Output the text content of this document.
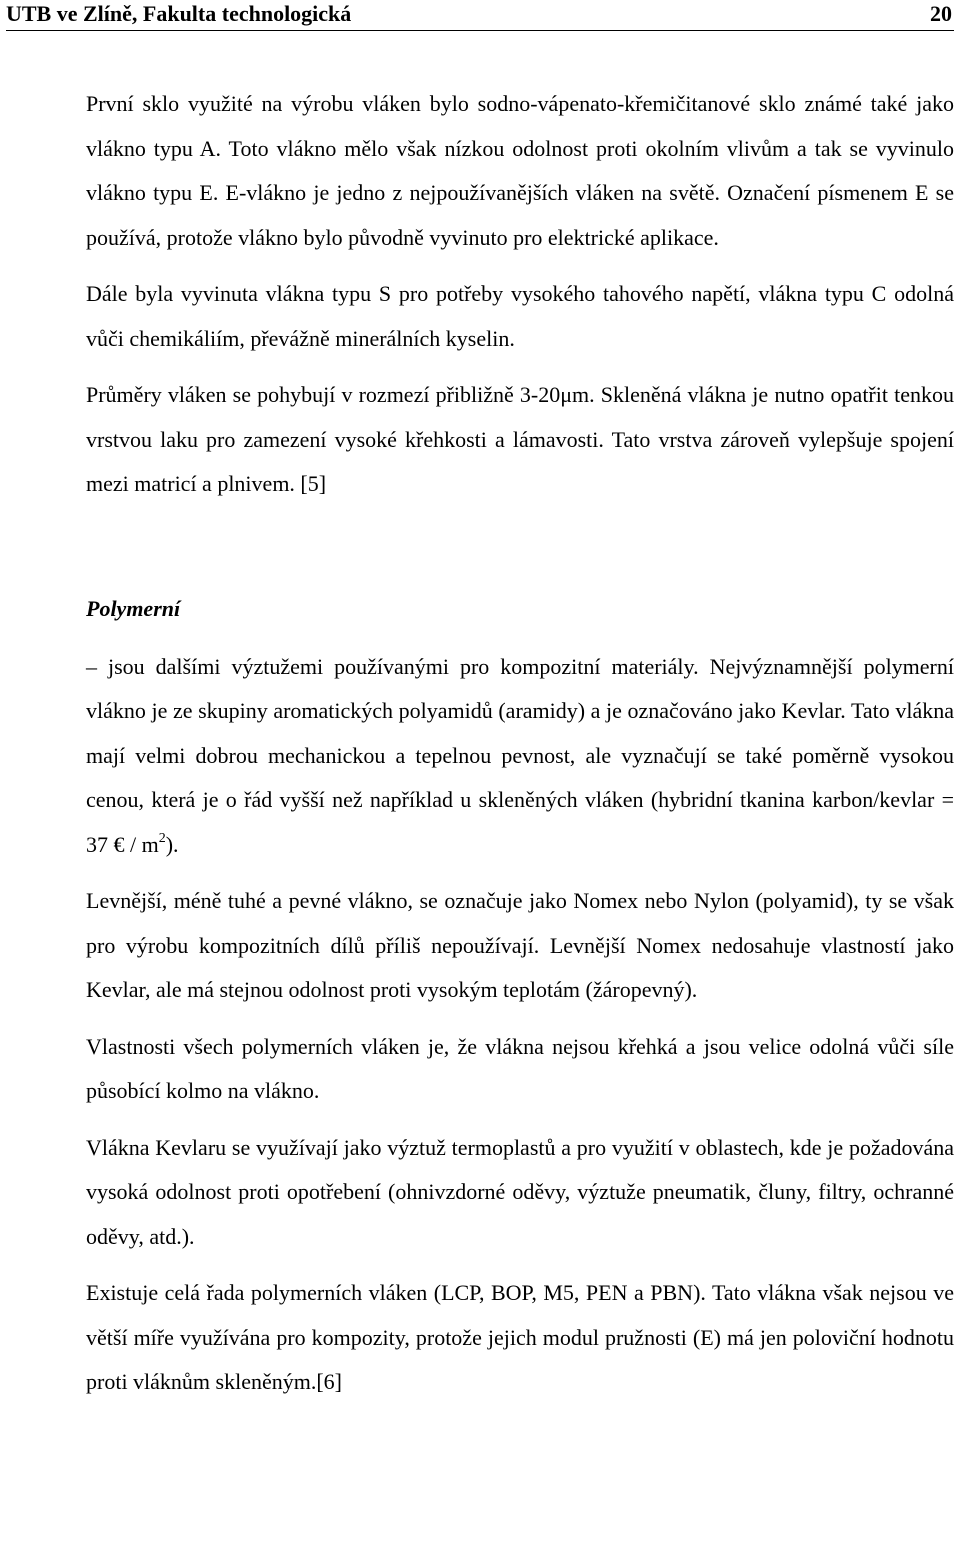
UTB ve Zlíně, Fakulta technologická	20

První sklo využité na výrobu vláken bylo sodno-vápenato-křemičitanové sklo známé také jako vlákno typu A. Toto vlákno mělo však nízkou odolnost proti okolním vlivům a tak se vyvinulo vlákno typu E. E-vlákno je jedno z nejpoužívanějších vláken na světě. Označení písmenem E se používá, protože vlákno bylo původně vyvinuto pro elektrické aplikace.

Dále byla vyvinuta vlákna typu S pro potřeby vysokého tahového napětí, vlákna typu C odolná vůči chemikáliím, převážně minerálních kyselin.

Průměry vláken se pohybují v rozmezí přibližně 3-20μm. Skleněná vlákna je nutno opatřit tenkou vrstvou laku pro zamezení vysoké křehkosti a lámavosti. Tato vrstva zároveň vylepšuje spojení mezi matricí a plnivem. [5]

Polymerní

– jsou dalšími výztužemi používanými pro kompozitní materiály. Nejvýznamnější polymerní vlákno je ze skupiny aromatických polyamidů (aramidy) a je označováno jako Kevlar. Tato vlákna mají velmi dobrou mechanickou a tepelnou pevnost, ale vyznačují se také poměrně vysokou cenou, která je o řád vyšší než například u skleněných vláken (hybridní tkanina karbon/kevlar = 37 € / $m^2$).

Levnější, méně tuhé a pevné vlákno, se označuje jako Nomex nebo Nylon (polyamid), ty se však pro výrobu kompozitních dílů příliš nepoužívají. Levnější Nomex nedosahuje vlastností jako Kevlar, ale má stejnou odolnost proti vysokým teplotám (žáropevný).

Vlastnosti všech polymerních vláken je, že vlákna nejsou křehká a jsou velice odolná vůči síle působící kolmo na vlákno.

Vlákna Kevlaru se využívají jako výztuž termoplastů a pro využití v oblastech, kde je požadována vysoká odolnost proti opotřebení (ohnivzdorné oděvy, výztuže pneumatik, čluny, filtry, ochranné oděvy, atd.).

Existuje celá řada polymerních vláken (LCP, BOP, M5, PEN a PBN). Tato vlákna však nejsou ve větší míře využívána pro kompozity, protože jejich modul pružnosti (E) má jen poloviční hodnotu proti vláknům skleněným.[6]
